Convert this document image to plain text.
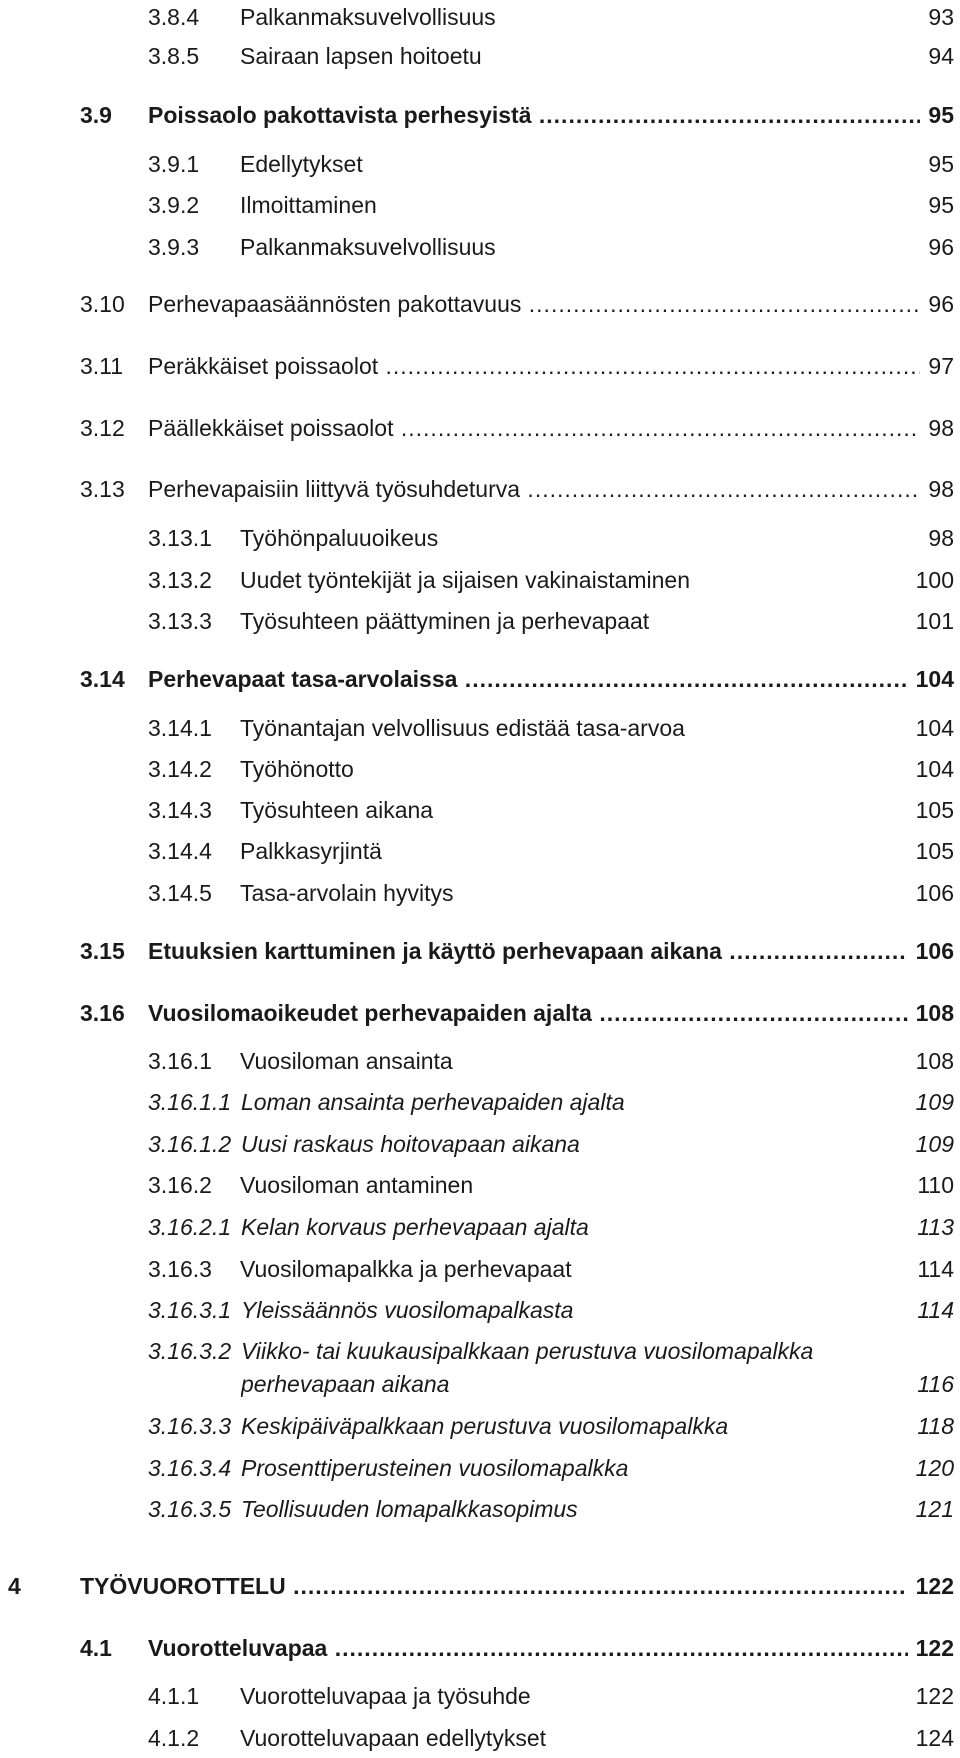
3.8.4 Palkanmaksuvelvollisuus	93
3.8.5 Sairaan lapsen hoitoetu	94
3.9 Poissaolo pakottavista perhesyistä .....	95
3.9.1 Edellytykset	95
3.9.2 Ilmoittaminen	95
3.9.3 Palkanmaksuvelvollisuus	96
3.10 Perhevapaasäännösten pakottavuus .....	96
3.11 Peräkkäiset poissaolot .....	97
3.12 Päällekkäiset poissaolot .....	98
3.13 Perhevapaisiin liittyvä työsuhdeturva .....	98
3.13.1 Työhönpaluuoikeus	98
3.13.2 Uudet työntekijät ja sijaisen vakinaistaminen	100
3.13.3 Työsuhteen päättyminen ja perhevapaat	101
3.14 Perhevapaat tasa-arvolaissa .....	104
3.14.1 Työnantajan velvollisuus edistää tasa-arvoa	104
3.14.2 Työhönotto	104
3.14.3 Työsuhteen aikana	105
3.14.4 Palkkasyrjintä	105
3.14.5 Tasa-arvolain hyvitys	106
3.15 Etuuksien karttuminen ja käyttö perhevapaan aikana .....	106
3.16 Vuosilomaoikeudet perhevapaiden ajalta .....	108
3.16.1 Vuosiloman ansainta	108
3.16.1.1 Loman ansainta perhevapaiden ajalta	109
3.16.1.2 Uusi raskaus hoitovapaan aikana	109
3.16.2 Vuosiloman antaminen	110
3.16.2.1 Kelan korvaus perhevapaan ajalta	113
3.16.3 Vuosilomapalkka ja perhevapaat	114
3.16.3.1 Yleissäännös vuosilomapalkasta	114
3.16.3.2 Viikko- tai kuukausipalkkaan perustuva vuosilomapalkka perhevapaan aikana	116
3.16.3.3 Keskipäiväpalkkaan perustuva vuosilomapalkka	118
3.16.3.4 Prosenttiperusteinen vuosilomapalkka	120
3.16.3.5 Teollisuuden lomapalkkasopimus	121
4	TYÖVUOROTTELU .....	122
4.1 Vuorotteluvapaa .....	122
4.1.1 Vuorotteluvapaa ja työsuhde	122
4.1.2 Vuorotteluvapaan edellytykset	124
